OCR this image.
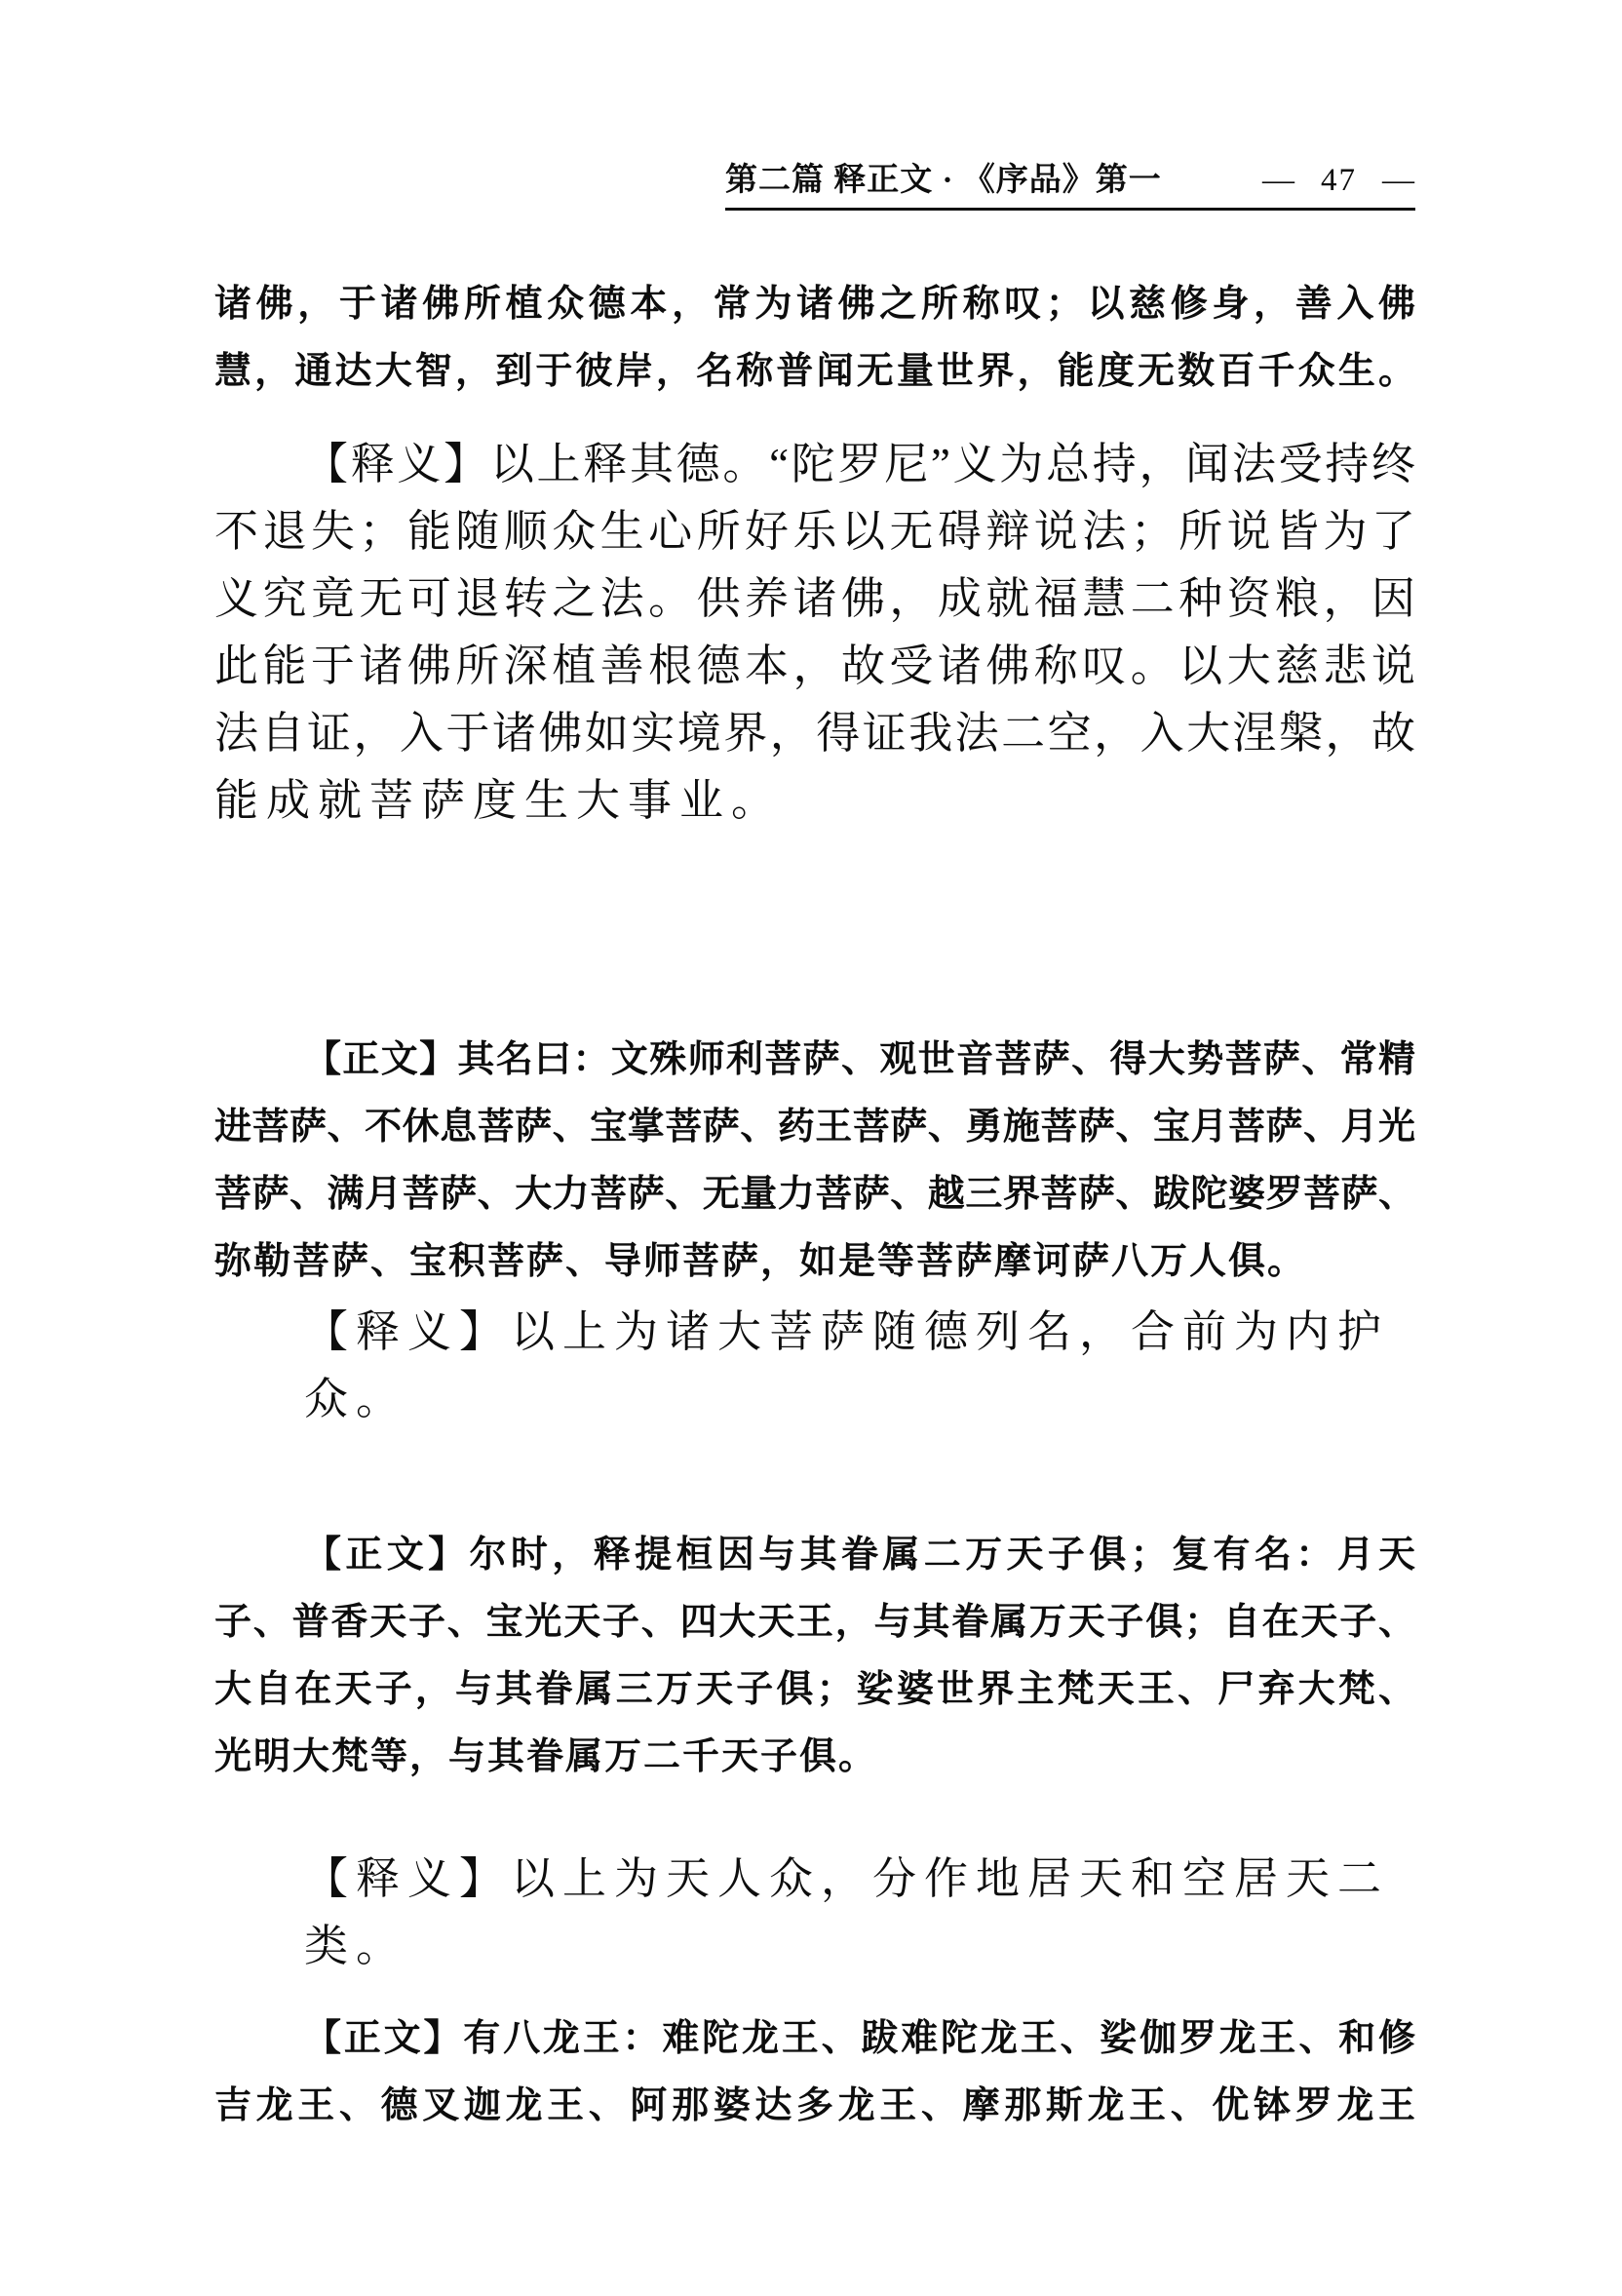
第二篇 释正文 · 《序品》第一	— 47 —
诸佛，于诸佛所植众德本，常为诸佛之所称叹；以慈修身，善入佛
慧，通达大智，到于彼岸，名称普闻无量世界，能度无数百千众生。
【释义】以上释其德。“陀罗尼”义为总持，闻法受持终
不退失；能随顺众生心所好乐以无碍辩说法；所说皆为了
义究竟无可退转之法。供养诸佛，成就福慧二种资粮，因
此能于诸佛所深植善根德本，故受诸佛称叹。以大慈悲说
法自证，入于诸佛如实境界，得证我法二空，入大涅槃，故
能成就菩萨度生大事业。
【正文】其名曰：文殊师利菩萨、观世音菩萨、得大势菩萨、常精
进菩萨、不休息菩萨、宝掌菩萨、药王菩萨、勇施菩萨、宝月菩萨、月光
菩萨、满月菩萨、大力菩萨、无量力菩萨、越三界菩萨、跋陀婆罗菩萨、
弥勒菩萨、宝积菩萨、导师菩萨，如是等菩萨摩诃萨八万人俱。
【释义】以上为诸大菩萨随德列名，合前为内护众。
【正文】尔时，释提桓因与其眷属二万天子俱；复有名：月天
子、普香天子、宝光天子、四大天王，与其眷属万天子俱；自在天子、
大自在天子，与其眷属三万天子俱；娑婆世界主梵天王、尸弃大梵、
光明大梵等，与其眷属万二千天子俱。
【释义】以上为天人众，分作地居天和空居天二类。
【正文】有八龙王：难陀龙王、跋难陀龙王、娑伽罗龙王、和修
吉龙王、德叉迦龙王、阿那婆达多龙王、摩那斯龙王、优钵罗龙王
